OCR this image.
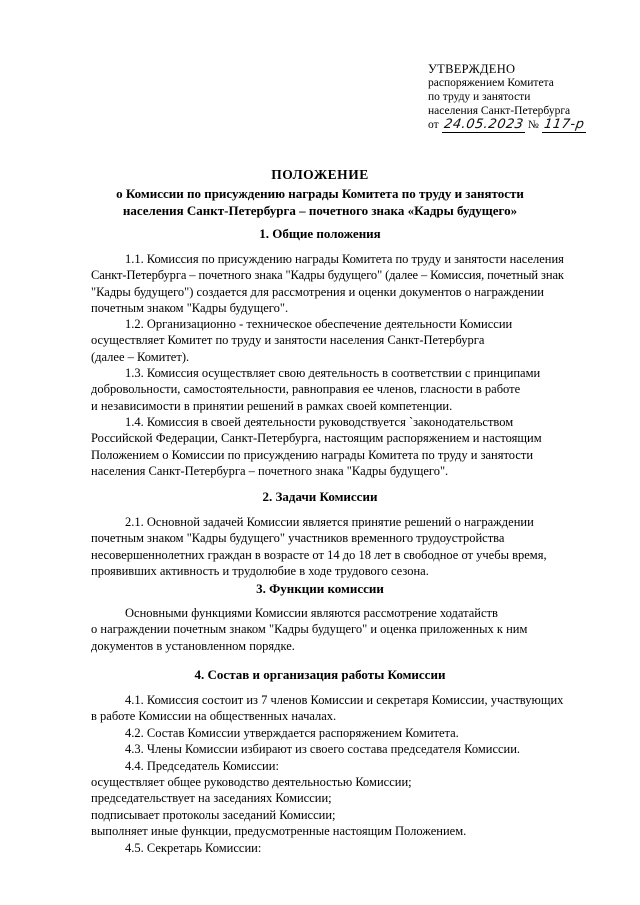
УТВЕРЖДЕНО
распоряжением Комитета
по труду и занятости
населения Санкт-Петербурга
от 24.05.2023 № 117-р
ПОЛОЖЕНИЕ
о Комиссии по присуждению награды Комитета по труду и занятости
населения Санкт-Петербурга – почетного знака «Кадры будущего»
1. Общие положения
1.1. Комиссия по присуждению награды Комитета по труду и занятости населения
Санкт-Петербурга – почетного знака "Кадры будущего" (далее – Комиссия, почетный знак
"Кадры будущего") создается для рассмотрения и оценки документов о награждении
почетным знаком "Кадры будущего".
1.2. Организационно - техническое обеспечение деятельности Комиссии
осуществляет Комитет по труду и занятости населения Санкт-Петербурга
(далее – Комитет).
1.3. Комиссия осуществляет свою деятельность в соответствии с принципами
добровольности, самостоятельности, равноправия ее членов, гласности в работе
и независимости в принятии решений в рамках своей компетенции.
1.4. Комиссия в своей деятельности руководствуется `законодательством
Российской Федерации, Санкт-Петербурга, настоящим распоряжением и настоящим
Положением о Комиссии по присуждению награды Комитета по труду и занятости
населения Санкт-Петербурга – почетного знака "Кадры будущего".
2. Задачи Комиссии
2.1. Основной задачей Комиссии является принятие решений о награждении
почетным знаком "Кадры будущего" участников временного трудоустройства
несовершеннолетних граждан в возрасте от 14 до 18 лет в свободное от учебы время,
проявивших активность и трудолюбие в ходе трудового сезона.
3. Функции комиссии
Основными функциями Комиссии являются рассмотрение ходатайств
о награждении почетным знаком "Кадры будущего" и оценка приложенных к ним
документов в установленном порядке.
4. Состав и организация работы Комиссии
4.1. Комиссия состоит из 7 членов Комиссии и секретаря Комиссии, участвующих
в работе Комиссии на общественных началах.
4.2. Состав Комиссии утверждается распоряжением Комитета.
4.3. Члены Комиссии избирают из своего состава председателя Комиссии.
4.4. Председатель Комиссии:
осуществляет общее руководство деятельностью Комиссии;
председательствует на заседаниях Комиссии;
подписывает протоколы заседаний Комиссии;
выполняет иные функции, предусмотренные настоящим Положением.
4.5. Секретарь Комиссии:
